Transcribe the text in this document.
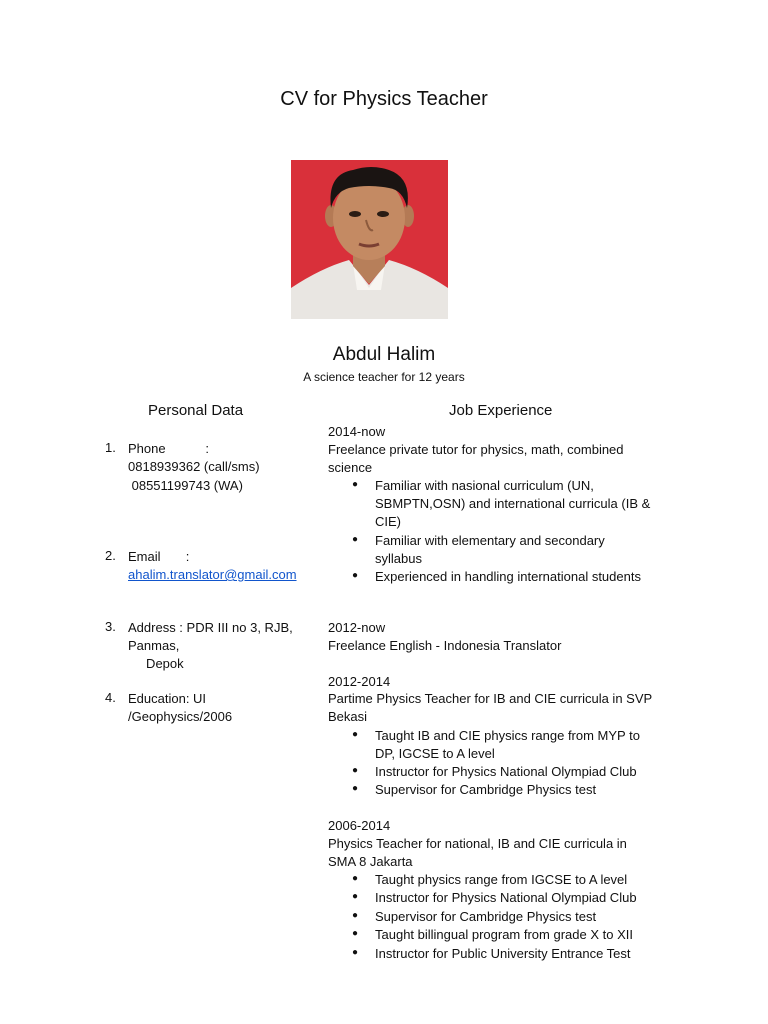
CV for Physics Teacher
Abdul Halim
A science teacher for 12 years
Personal Data	Job Experience
1. Phone           :
0818939362 (call/sms)
08551199743 (WA)
2. Email       :
ahalim.translator@gmail.com
3. Address : PDR III no 3, RJB,
Panmas,
Depok
4. Education: UI
/Geophysics/2006
2014-now
Freelance private tutor for physics, math, combined
science
● Familiar with nasional curriculum (UN,
SBMPTN,OSN) and international curricula (IB &
CIE)
● Familiar with elementary and secondary
syllabus
● Experienced in handling international students
2012-now
Freelance English - Indonesia Translator
2012-2014
Partime Physics Teacher for IB and CIE curricula in SVP
Bekasi
● Taught IB and CIE physics range from MYP to
DP, IGCSE to A level
● Instructor for Physics National Olympiad Club
● Supervisor for Cambridge Physics test
2006-2014
Physics Teacher for national, IB and CIE curricula in
SMA 8 Jakarta
● Taught physics range from IGCSE to A level
● Instructor for Physics National Olympiad Club
● Supervisor for Cambridge Physics test
● Taught billingual program from grade X to XII
● Instructor for Public University Entrance Test
